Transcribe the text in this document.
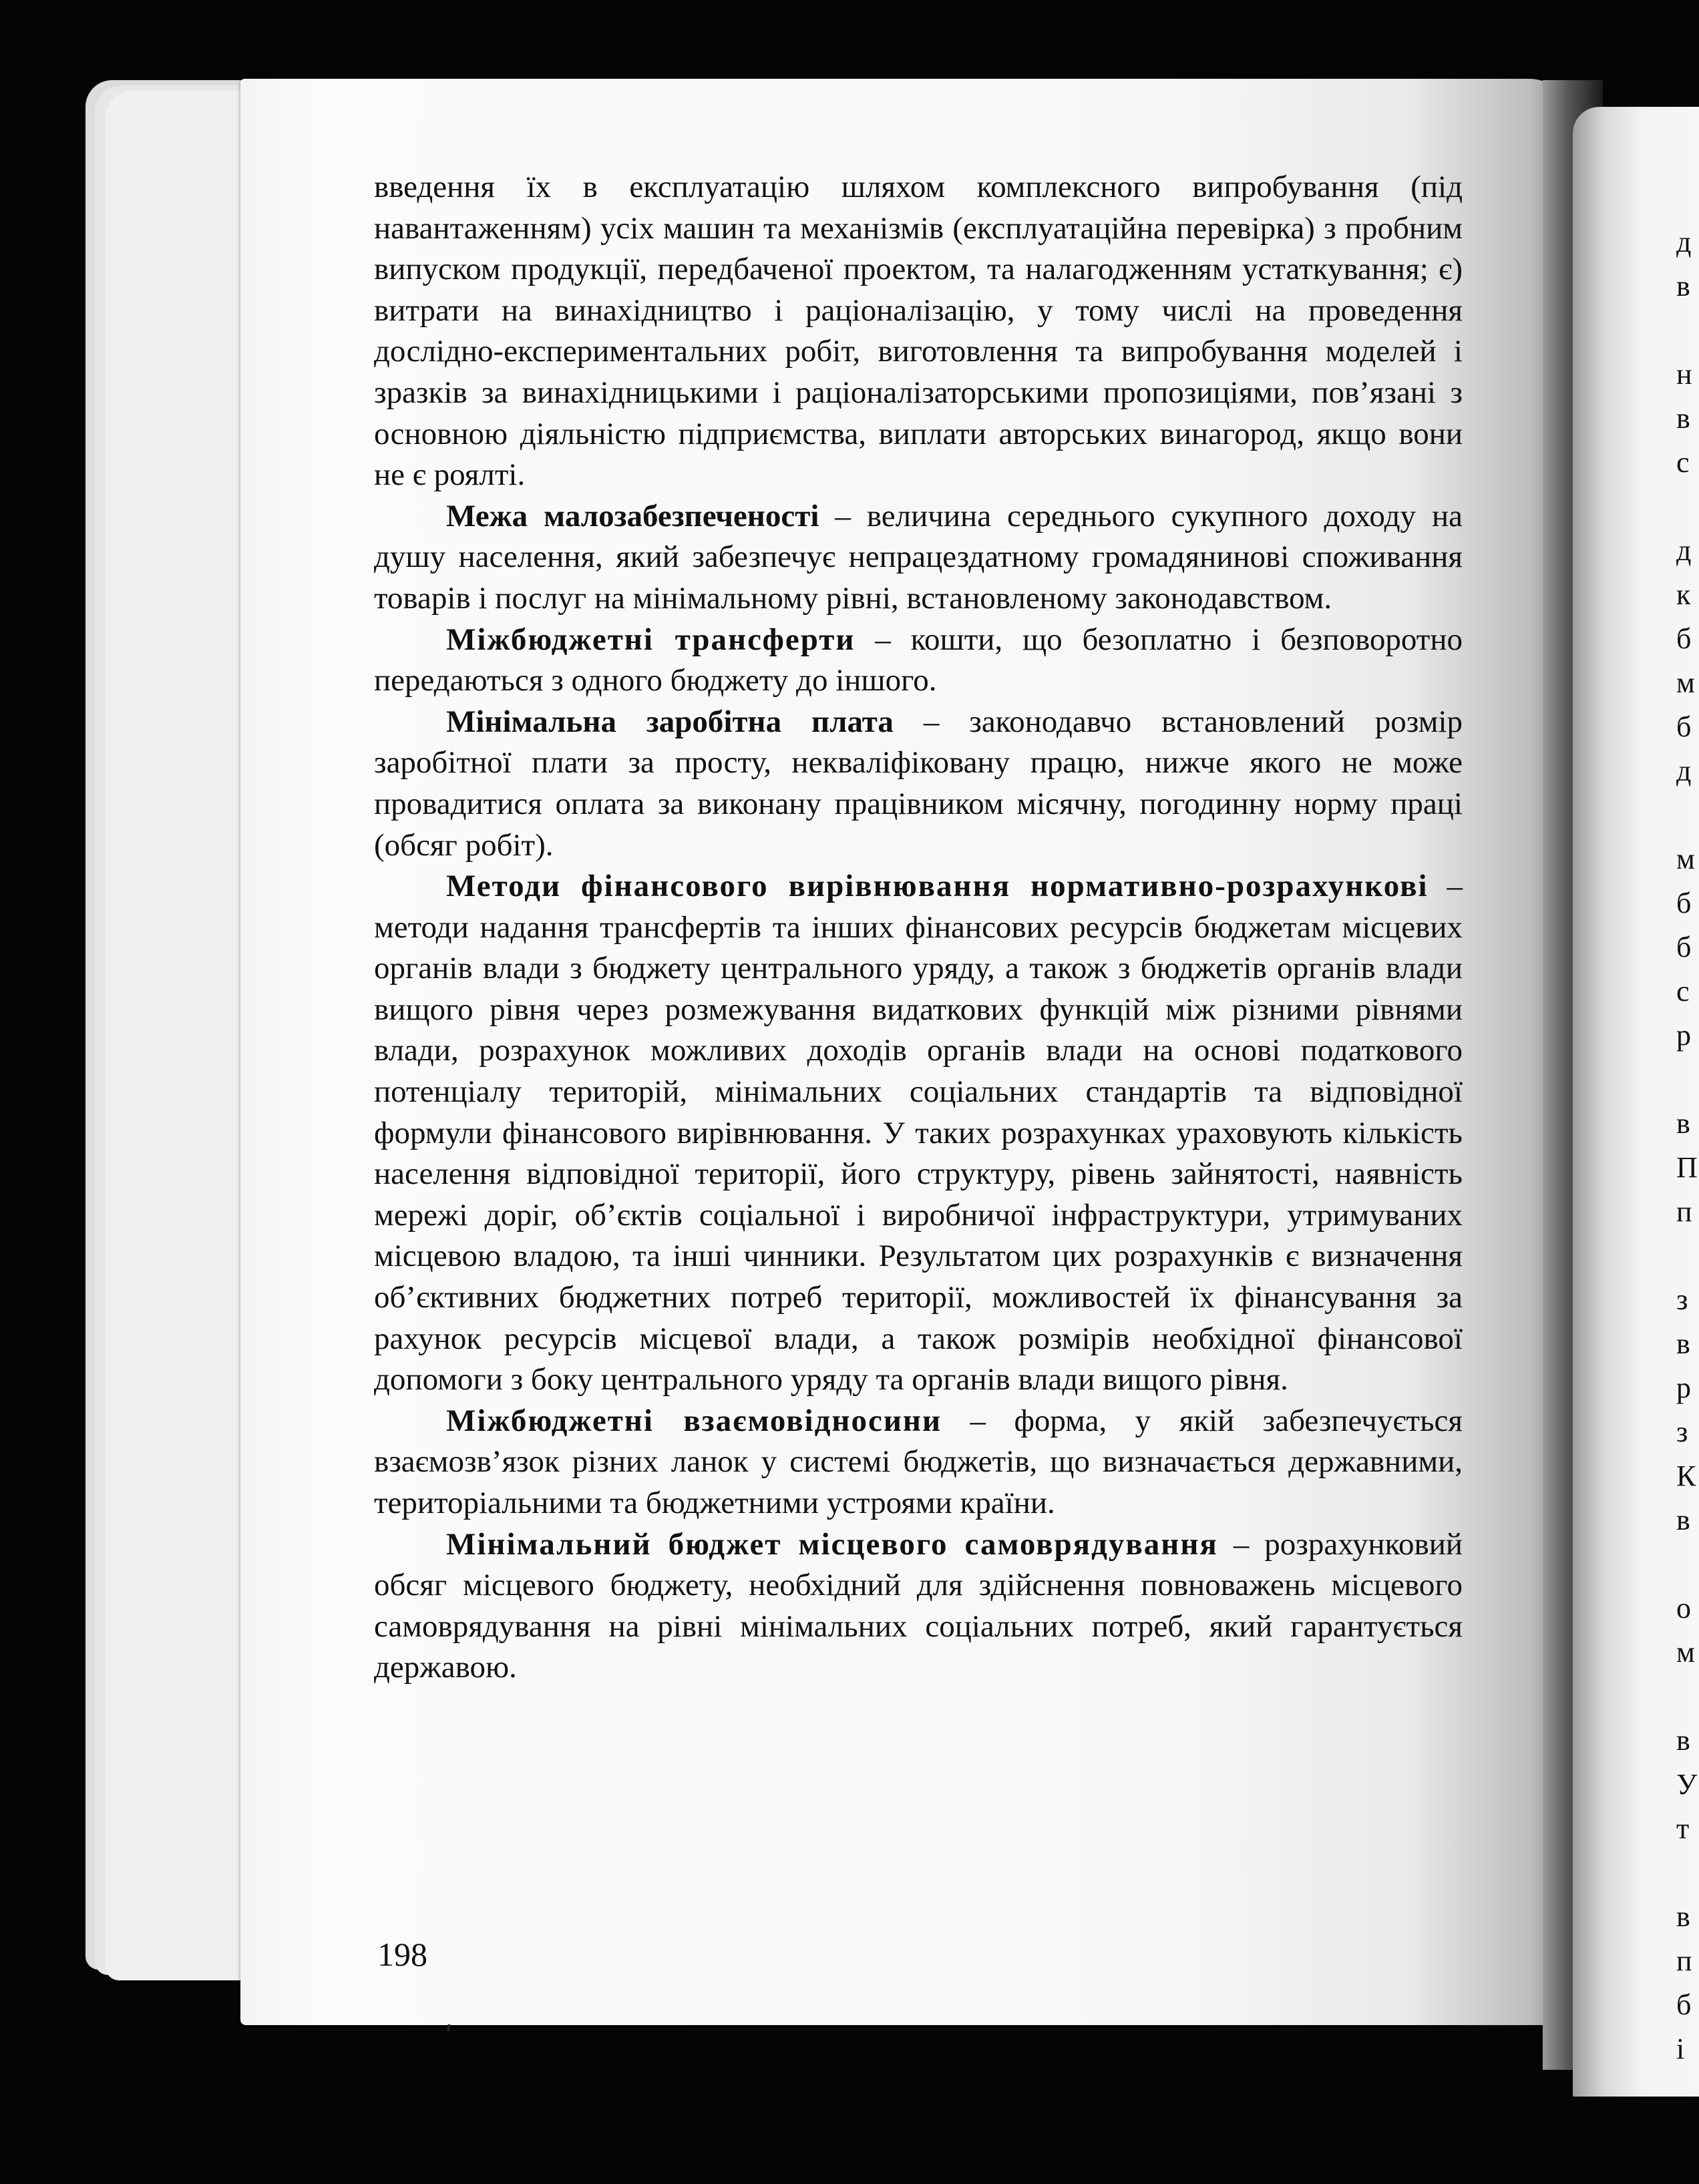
д
в
н
в
с
д
к
б
м
б
д
м
б
б
с
р
в
П
п
з
в
р
з
К
в
о
м
в
У
т
в
п
б
і

введення їх в експлуатацію шляхом комплексного випробування (під навантаженням) усіх машин та механізмів (експлуатаційна перевірка) з пробним випуском продукції, передбаченої проектом, та налагодженням устаткування; є) витрати на винахідництво і раціоналізацію, у тому числі на проведення дослідно-експериментальних робіт, виготовлення та випробування моделей і зразків за винахідницькими і раціоналізаторськими пропозиціями, пов’язані з основною діяльністю підприємства, виплати авторських винагород, якщо вони не є роялті.

Межа малозабезпеченості – величина середнього сукупного доходу на душу населення, який забезпечує непрацездатному громадянинові споживання товарів і послуг на мінімальному рівні, встановленому законодавством.

Міжбюджетні трансферти – кошти, що безоплатно і безповоротно передаються з одного бюджету до іншого.

Мінімальна заробітна плата – законодавчо встановлений розмір заробітної плати за просту, некваліфіковану працю, нижче якого не може провадитися оплата за виконану працівником місячну, погодинну норму праці (обсяг робіт).

Методи фінансового вирівнювання нормативно-розрахункові – методи надання трансфертів та інших фінансових ресурсів бюджетам місцевих органів влади з бюджету центрального уряду, а також з бюджетів органів влади вищого рівня через розмежування видаткових функцій між різними рівнями влади, розрахунок можливих доходів органів влади на основі податкового потенціалу територій, мінімальних соціальних стандартів та відповідної формули фінансового вирівнювання. У таких розрахунках ураховують кількість населення відповідної території, його структуру, рівень зайнятості, наявність мережі доріг, об’єктів соціальної і виробничої інфраструктури, утримуваних місцевою владою, та інші чинники. Результатом цих розрахунків є визначення об’єктивних бюджетних потреб території, можливостей їх фінансування за рахунок ресурсів місцевої влади, а також розмірів необхідної фінансової допомоги з боку центрального уряду та органів влади вищого рівня.

Міжбюджетні взаємовідносини – форма, у якій забезпечується взаємозв’язок різних ланок у системі бюджетів, що визначається державними, територіальними та бюджетними устроями країни.

Мінімальний бюджет місцевого самоврядування – розрахунковий обсяг місцевого бюджету, необхідний для здійснення повноважень місцевого самоврядування на рівні мінімальних соціальних потреб, який гарантується державою.

198
